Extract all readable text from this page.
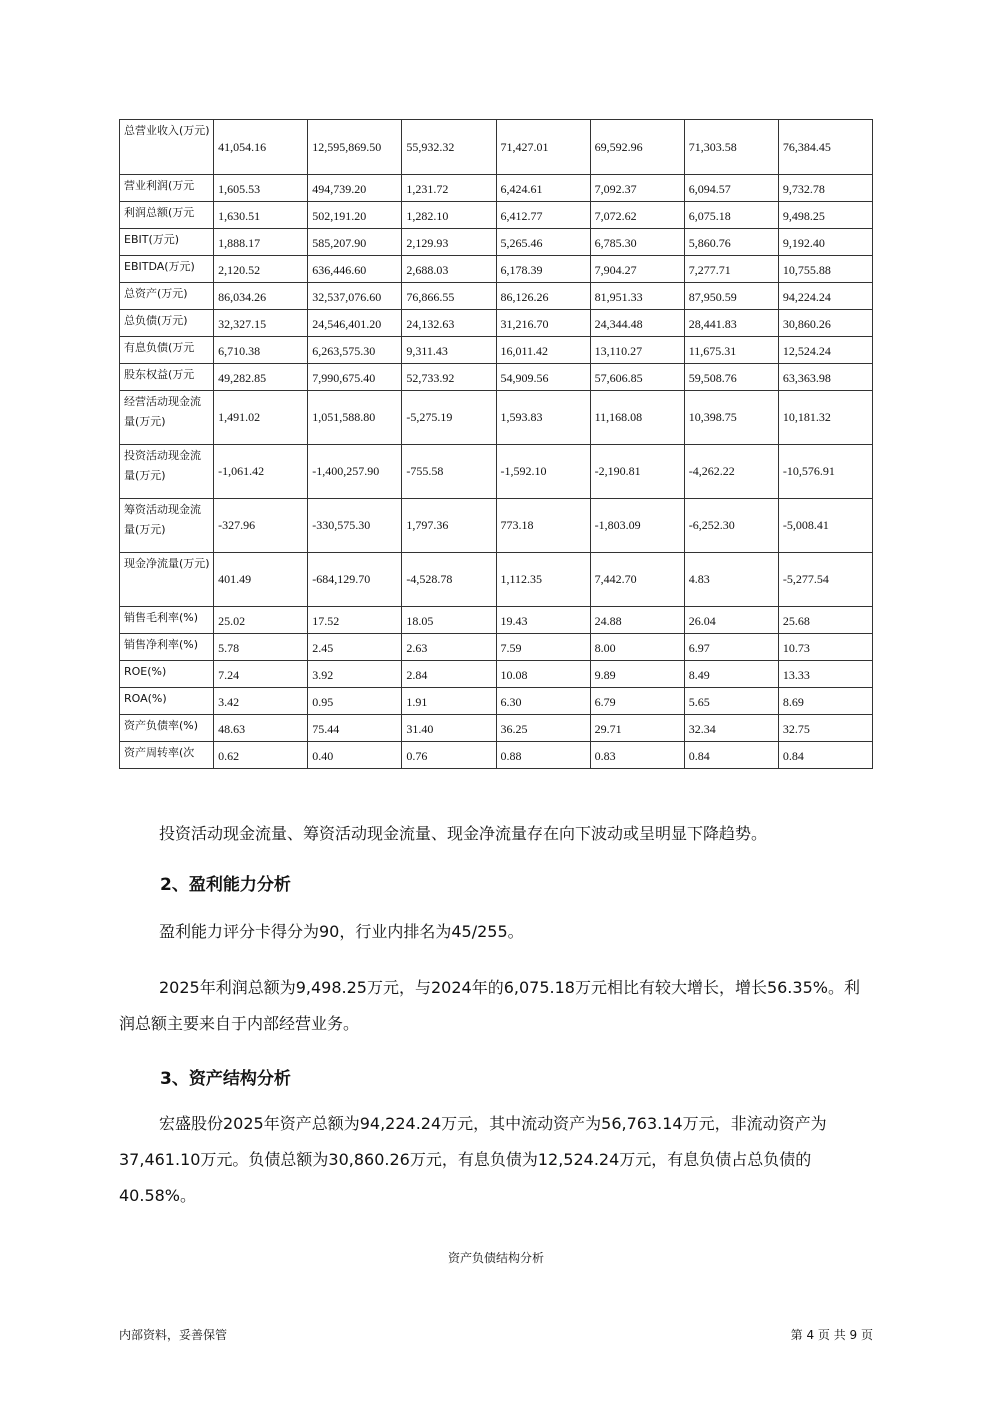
总营业收入(万元)	41,054.16	12,595,869.50	55,932.32	71,427.01	69,592.96	71,303.58	76,384.45
营业利润(万元	1,605.53	494,739.20	1,231.72	6,424.61	7,092.37	6,094.57	9,732.78
利润总额(万元	1,630.51	502,191.20	1,282.10	6,412.77	7,072.62	6,075.18	9,498.25
EBIT(万元)	1,888.17	585,207.90	2,129.93	5,265.46	6,785.30	5,860.76	9,192.40
EBITDA(万元)	2,120.52	636,446.60	2,688.03	6,178.39	7,904.27	7,277.71	10,755.88
总资产(万元)	86,034.26	32,537,076.60	76,866.55	86,126.26	81,951.33	87,950.59	94,224.24
总负债(万元)	32,327.15	24,546,401.20	24,132.63	31,216.70	24,344.48	28,441.83	30,860.26
有息负债(万元	6,710.38	6,263,575.30	9,311.43	16,011.42	13,110.27	11,675.31	12,524.24
股东权益(万元	49,282.85	7,990,675.40	52,733.92	54,909.56	57,606.85	59,508.76	63,363.98
经营活动现金流量(万元)	1,491.02	1,051,588.80	-5,275.19	1,593.83	11,168.08	10,398.75	10,181.32
投资活动现金流量(万元)	-1,061.42	-1,400,257.90	-755.58	-1,592.10	-2,190.81	-4,262.22	-10,576.91
筹资活动现金流量(万元)	-327.96	-330,575.30	1,797.36	773.18	-1,803.09	-6,252.30	-5,008.41
现金净流量(万元)	401.49	-684,129.70	-4,528.78	1,112.35	7,442.70	4.83	-5,277.54
销售毛利率(%)	25.02	17.52	18.05	19.43	24.88	26.04	25.68
销售净利率(%)	5.78	2.45	2.63	7.59	8.00	6.97	10.73
ROE(%)	7.24	3.92	2.84	10.08	9.89	8.49	13.33
ROA(%)	3.42	0.95	1.91	6.30	6.79	5.65	8.69
资产负债率(%)	48.63	75.44	31.40	36.25	29.71	32.34	32.75
资产周转率(次	0.62	0.40	0.76	0.88	0.83	0.84	0.84

投资活动现金流量、筹资活动现金流量、现金净流量存在向下波动或呈明显下降趋势。

2、盈利能力分析

盈利能力评分卡得分为90，行业内排名为45/255。

2025年利润总额为9,498.25万元，与2024年的6,075.18万元相比有较大增长，增长56.35%。利润总额主要来自于内部经营业务。

3、资产结构分析

宏盛股份2025年资产总额为94,224.24万元，其中流动资产为56,763.14万元，非流动资产为37,461.10万元。负债总额为30,860.26万元，有息负债为12,524.24万元，有息负债占总负债的40.58%。

资产负债结构分析
内部资料，妥善保管	第 4 页 共 9 页
